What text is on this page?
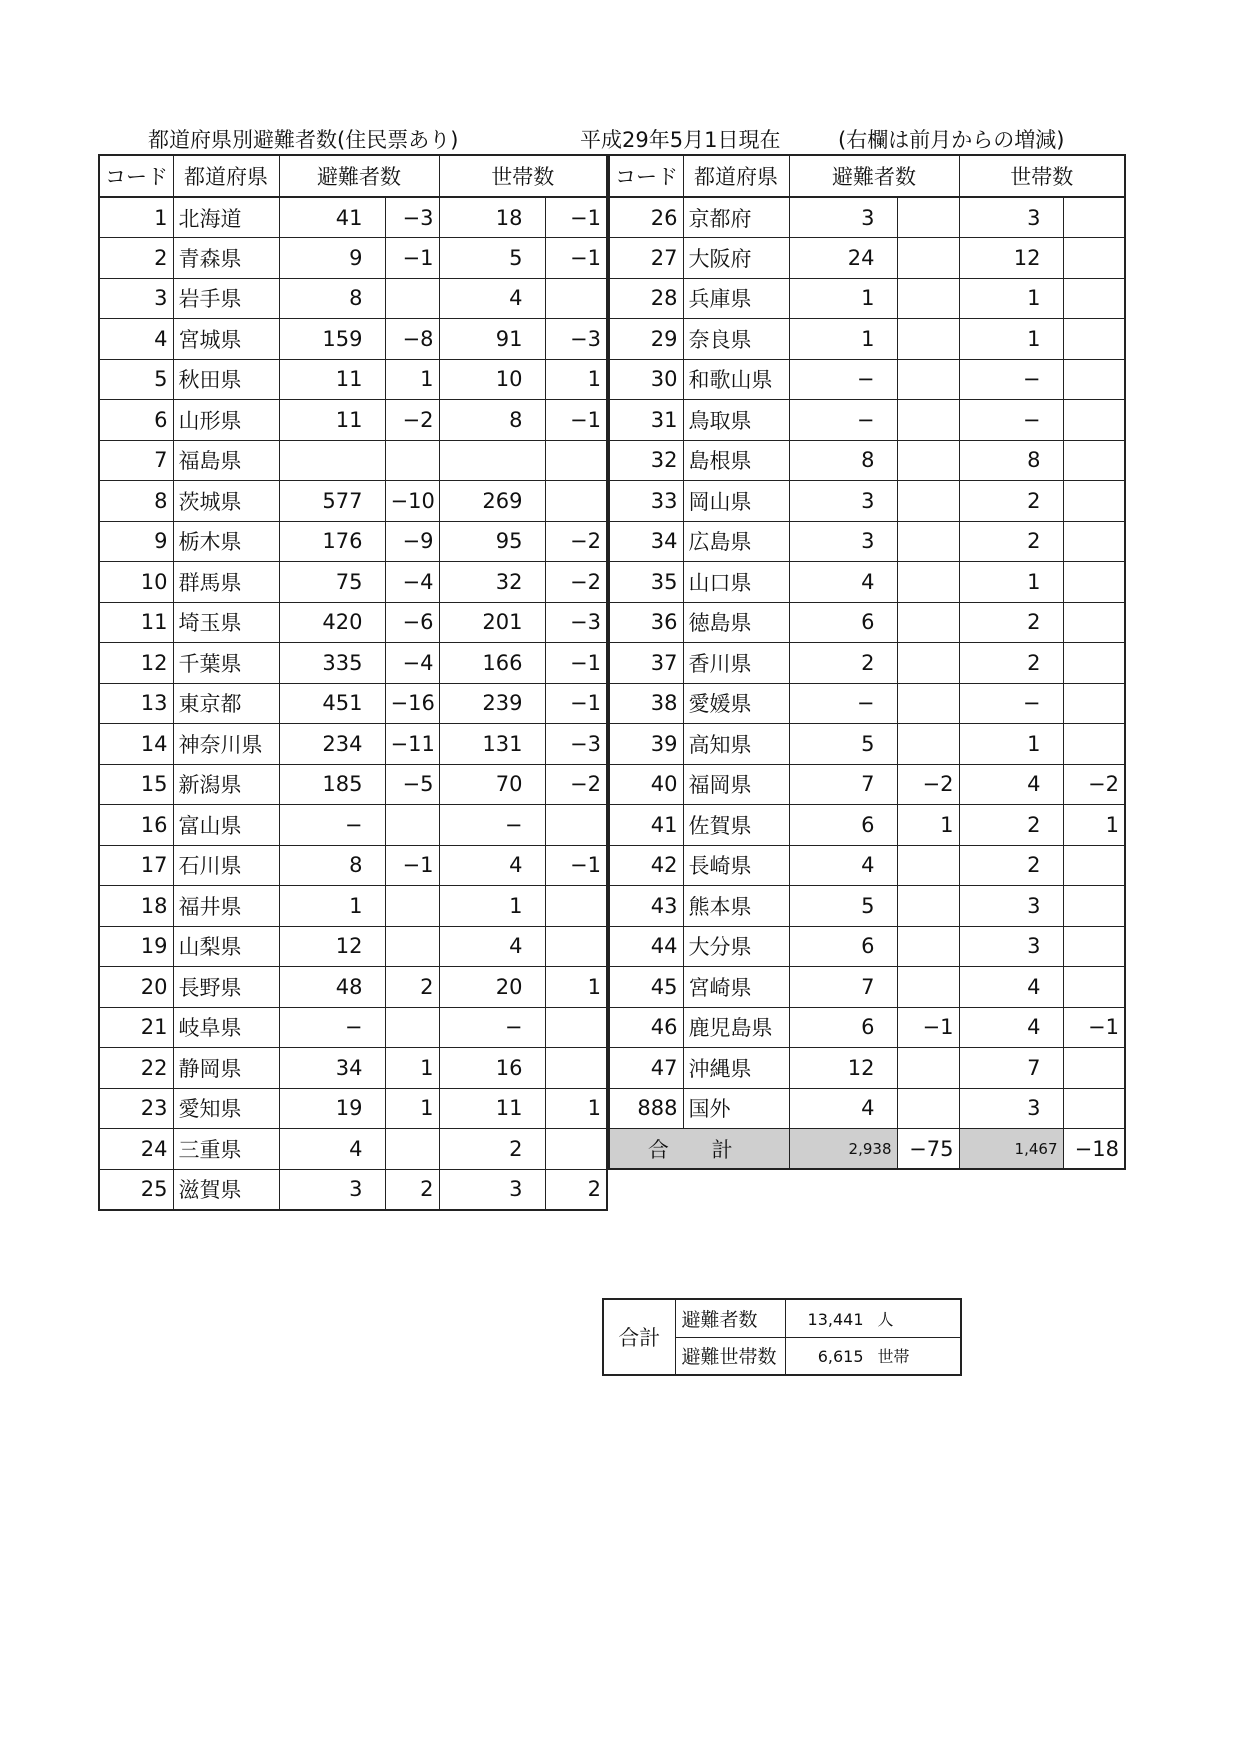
都道府県別避難者数(住民票あり)	平成29年5月1日現在	(右欄は前月からの増減)
コード	都道府県	避難者数		世帯数	
1	北海道	41	−3	18	−1
2	青森県	9	−1	5	−1
3	岩手県	8		4	
4	宮城県	159	−8	91	−3
5	秋田県	11	1	10	1
6	山形県	11	−2	8	−1
7	福島県				
8	茨城県	577	−10	269	
9	栃木県	176	−9	95	−2
10	群馬県	75	−4	32	−2
11	埼玉県	420	−6	201	−3
12	千葉県	335	−4	166	−1
13	東京都	451	−16	239	−1
14	神奈川県	234	−11	131	−3
15	新潟県	185	−5	70	−2
16	富山県	−		−	
17	石川県	8	−1	4	−1
18	福井県	1		1	
19	山梨県	12		4	
20	長野県	48	2	20	1
21	岐阜県	−		−	
22	静岡県	34	1	16	
23	愛知県	19	1	11	1
24	三重県	4		2	
25	滋賀県	3	2	3	2
コード	都道府県	避難者数		世帯数	
26	京都府	3		3	
27	大阪府	24		12	
28	兵庫県	1		1	
29	奈良県	1		1	
30	和歌山県	−		−	
31	鳥取県	−		−	
32	島根県	8		8	
33	岡山県	3		2	
34	広島県	3		2	
35	山口県	4		1	
36	徳島県	6		2	
37	香川県	2		2	
38	愛媛県	−		−	
39	高知県	5		1	
40	福岡県	7	−2	4	−2
41	佐賀県	6	1	2	1
42	長崎県	4		2	
43	熊本県	5		3	
44	大分県	6		3	
45	宮崎県	7		4	
46	鹿児島県	6	−1	4	−1
47	沖縄県	12		7	
888	国外	4		3	
合 計		2,938	−75	1,467	−18
合計	避難者数	13,441 人
	避難世帯数	6,615 世帯
